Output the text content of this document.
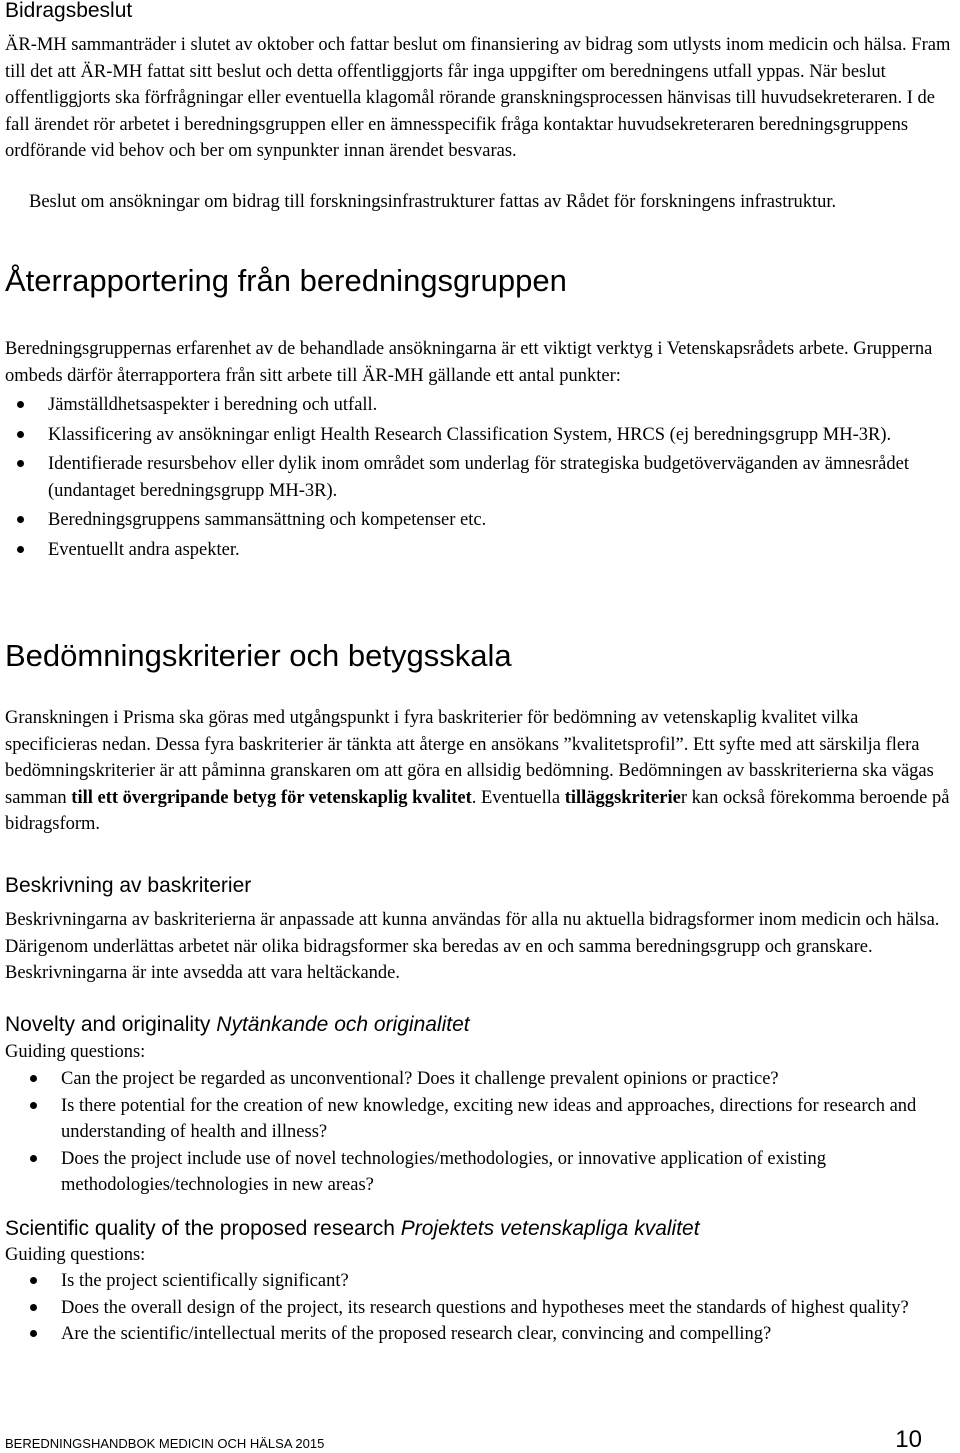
Bidragsbeslut

ÄR-MH sammanträder i slutet av oktober och fattar beslut om finansiering av bidrag som utlysts inom medicin och hälsa. Fram till det att ÄR-MH fattat sitt beslut och detta offentliggjorts får inga uppgifter om beredningens utfall yppas. När beslut offentliggjorts ska förfrågningar eller eventuella klagomål rörande granskningsprocessen hänvisas till huvudsekreteraren. I de fall ärendet rör arbetet i beredningsgruppen eller en ämnesspecifik fråga kontaktar huvudsekreteraren beredningsgruppens ordförande vid behov och ber om synpunkter innan ärendet besvaras.

Beslut om ansökningar om bidrag till forskningsinfrastrukturer fattas av Rådet för forskningens infrastruktur.

Återrapportering från beredningsgruppen

Beredningsgruppernas erfarenhet av de behandlade ansökningarna är ett viktigt verktyg i Vetenskapsrådets arbete. Grupperna ombeds därför återrapportera från sitt arbete till ÄR-MH gällande ett antal punkter:

Jämställdhetsaspekter i beredning och utfall.
Klassificering av ansökningar enligt Health Research Classification System, HRCS (ej beredningsgrupp MH-3R).
Identifierade resursbehov eller dylik inom området som underlag för strategiska budgetöverväganden av ämnesrådet (undantaget beredningsgrupp MH-3R).
Beredningsgruppens sammansättning och kompetenser etc.
Eventuellt andra aspekter.
Bedömningskriterier och betygsskala

Granskningen i Prisma ska göras med utgångspunkt i fyra baskriterier för bedömning av vetenskaplig kvalitet vilka specificieras nedan. Dessa fyra baskriterier är tänkta att återge en ansökans ”kvalitetsprofil”. Ett syfte med att särskilja flera bedömningskriterier är att påminna granskaren om att göra en allsidig bedömning. Bedömningen av basskriterierna ska vägas samman till ett övergripande betyg för vetenskaplig kvalitet. Eventuella tilläggskriterier kan också förekomma beroende på bidragsform.

Beskrivning av baskriterier

Beskrivningarna av baskriterierna är anpassade att kunna användas för alla nu aktuella bidragsformer inom medicin och hälsa. Därigenom underlättas arbetet när olika bidragsformer ska beredas av en och samma beredningsgrupp och granskare. Beskrivningarna är inte avsedda att vara heltäckande.

Novelty and originality Nytänkande och originalitet

Guiding questions:

Can the project be regarded as unconventional? Does it challenge prevalent opinions or practice?
Is there potential for the creation of new knowledge, exciting new ideas and approaches, directions for research and understanding of health and illness?
Does the project include use of novel technologies/methodologies, or innovative application of existing methodologies/technologies in new areas?
Scientific quality of the proposed research Projektets vetenskapliga kvalitet

Guiding questions:

Is the project scientifically significant?
Does the overall design of the project, its research questions and hypotheses meet the standards of highest quality?
Are the scientific/intellectual merits of the proposed research clear, convincing and compelling?
BEREDNINGSHANDBOK MEDICIN OCH HÄLSA 2015	10
